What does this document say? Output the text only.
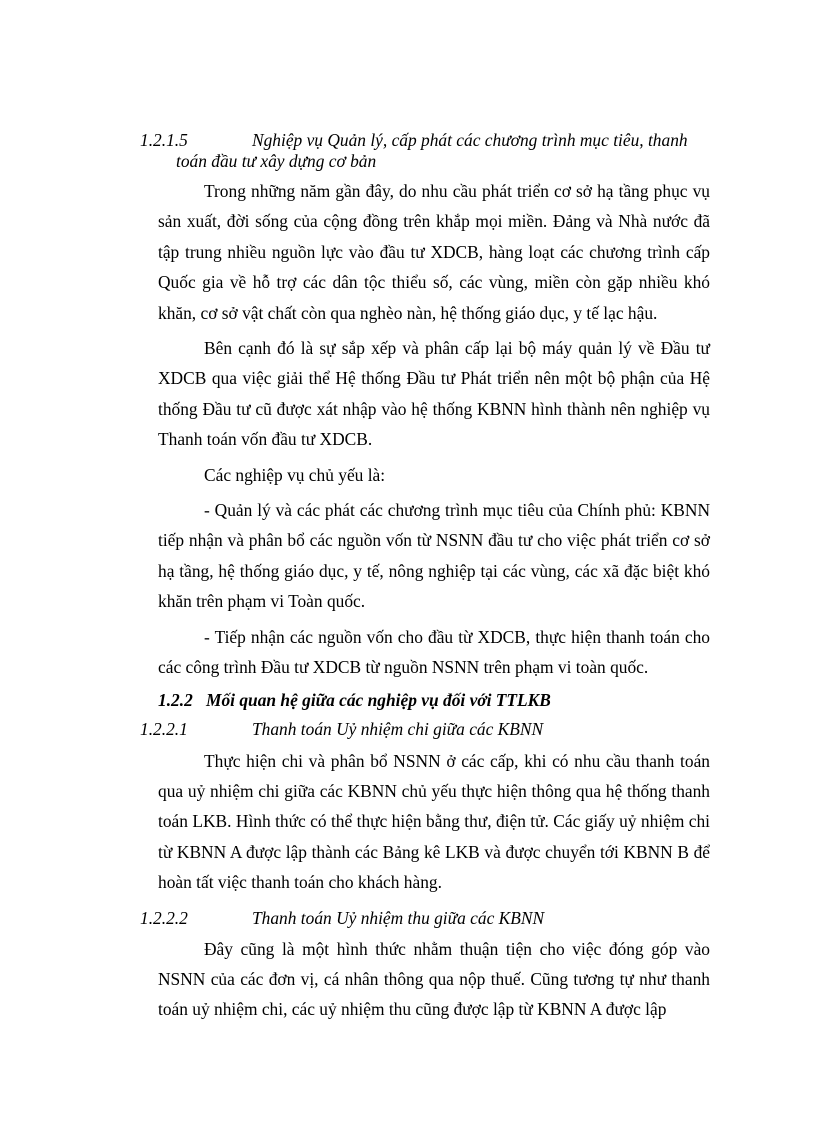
1.2.1.5	Nghiệp vụ Quản lý, cấp phát các chương trình mục tiêu, thanh toán đầu tư xây dựng cơ bản

Trong những năm gần đây, do nhu cầu phát triển cơ sở hạ tầng phục vụ sản xuất, đời sống của cộng đồng trên khắp mọi miền. Đảng và Nhà nước đã tập trung nhiều nguồn lực vào đầu tư XDCB, hàng loạt các chương trình cấp Quốc gia về hỗ trợ các dân tộc thiểu số, các vùng, miền còn gặp nhiều khó khăn, cơ sở vật chất còn qua nghèo nàn, hệ thống giáo dục, y tế lạc hậu.

Bên cạnh đó là sự sắp xếp và phân cấp lại bộ máy quản lý về Đầu tư XDCB qua việc giải thể Hệ thống Đầu tư Phát triển nên một bộ phận của Hệ thống Đầu tư cũ được xát nhập vào hệ thống KBNN hình thành nên nghiệp vụ Thanh toán vốn đầu tư XDCB.

Các nghiệp vụ chủ yếu là:

- Quản lý và các phát các chương trình mục tiêu của Chính phủ: KBNN tiếp nhận và phân bổ các nguồn vốn từ NSNN đầu tư cho việc phát triển cơ sở hạ tầng, hệ thống giáo dục, y tế, nông nghiệp tại các vùng, các xã đặc biệt khó khăn trên phạm vi Toàn quốc.

- Tiếp nhận các nguồn vốn cho đầu từ XDCB, thực hiện thanh toán cho các công trình Đầu tư XDCB từ nguồn NSNN trên phạm vi toàn quốc.

1.2.2 Mối quan hệ giữa các nghiệp vụ đối với TTLKB

1.2.2.1	Thanh toán Uỷ nhiệm chi giữa các KBNN

Thực hiện chi và phân bổ NSNN ở các cấp, khi có nhu cầu thanh toán qua uỷ nhiệm chi giữa các KBNN chủ yếu thực hiện thông qua hệ thống thanh toán LKB. Hình thức có thể thực hiện bằng thư, điện tử. Các giấy uỷ nhiệm chi từ KBNN A được lập thành các Bảng kê LKB và được chuyển tới KBNN B để hoàn tất việc thanh toán cho khách hàng.

1.2.2.2	Thanh toán Uỷ nhiệm thu giữa các KBNN

Đây cũng là một hình thức nhằm thuận tiện cho việc đóng góp vào NSNN của các đơn vị, cá nhân thông qua nộp thuế. Cũng tương tự như thanh toán uỷ nhiệm chi, các uỷ nhiệm thu cũng được lập từ KBNN A được lập
